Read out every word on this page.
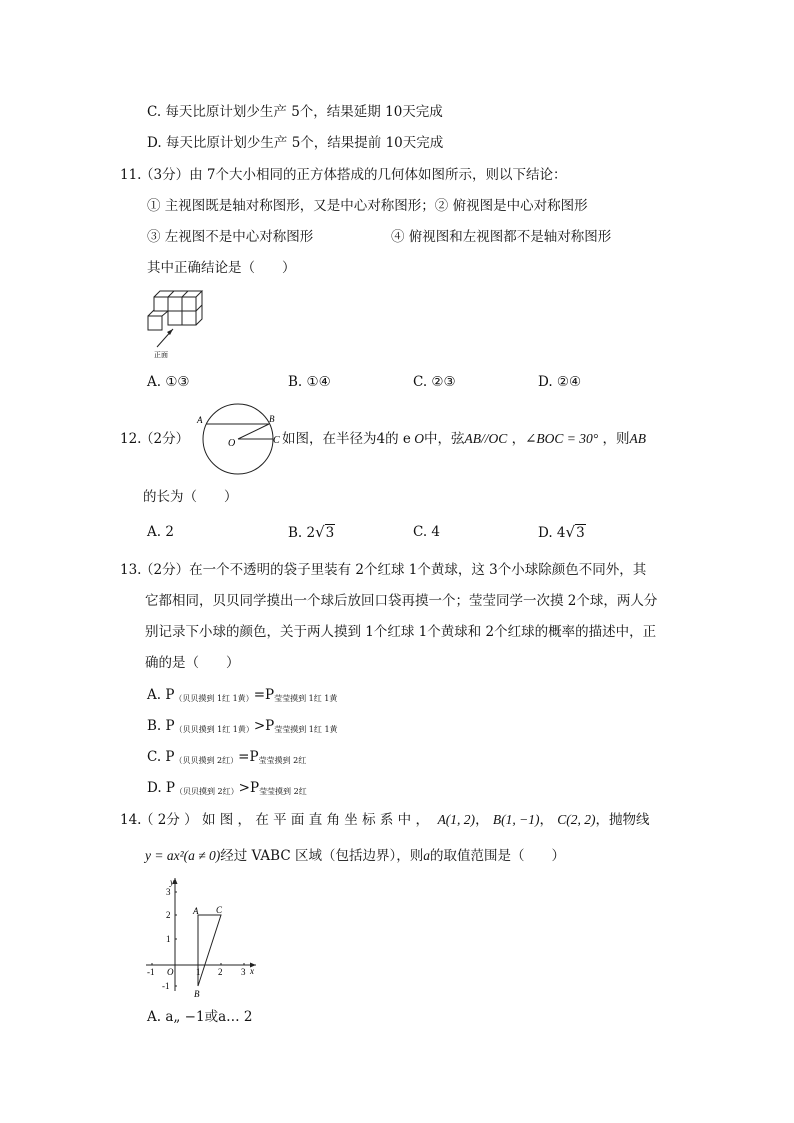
C. 每天比原计划少生产 5个，结果延期 10天完成
D. 每天比原计划少生产 5个，结果提前 10天完成
11.
（3分）由 7个大小相同的正方体搭成的几何体如图所示，则以下结论：
① 主视图既是轴对称图形，又是中心对称图形；② 俯视图是中心对称图形
③ 左视图不是中心对称图形	④ 俯视图和左视图都不是轴对称图形
其中正确结论是（　　）
正面
A. ①③	B. ①④	C. ②③	D. ②④
12.
（2分）
A	B
O	C 如图，在半径为4的 e O中，弦AB//OC ，∠BOC = 30° ，则AB
的长为（　　）
A. 2	B. 2√3	C. 4	D. 4√3
13.
（2分）在一个不透明的袋子里装有 2个红球 1个黄球，这 3个小球除颜色不同外，其
它都相同，贝贝同学摸出一个球后放回口袋再摸一个；莹莹同学一次摸 2个球，两人分
别记录下小球的颜色，关于两人摸到 1个红球 1个黄球和 2个红球的概率的描述中，正
确的是（　　）
A. $P_{(贝贝摸到 1红 1黄)}=P_{莹莹摸到 1红 1黄}$
B. $P_{(贝贝摸到 1红 1黄)}>P_{莹莹摸到 1红 1黄}$
C. $P_{(贝贝摸到 2红)}=P_{莹莹摸到 2红}$
D. $P_{(贝贝摸到 2红)}>P_{莹莹摸到 2红}$
14.
（ 2分 ） 如 图 ， 在 平 面 直 角 坐 标 系 中 ， A(1, 2)， B(1, −1)， C(2, 2)，抛物线
y = ax²(a ≠ 0)经过 VABC 区域（包括边界），则a的取值范围是（　　）
y
x
O
A C
B
-1	1 2 3
3
2
1
-1
A. a„ −1或a… 2
